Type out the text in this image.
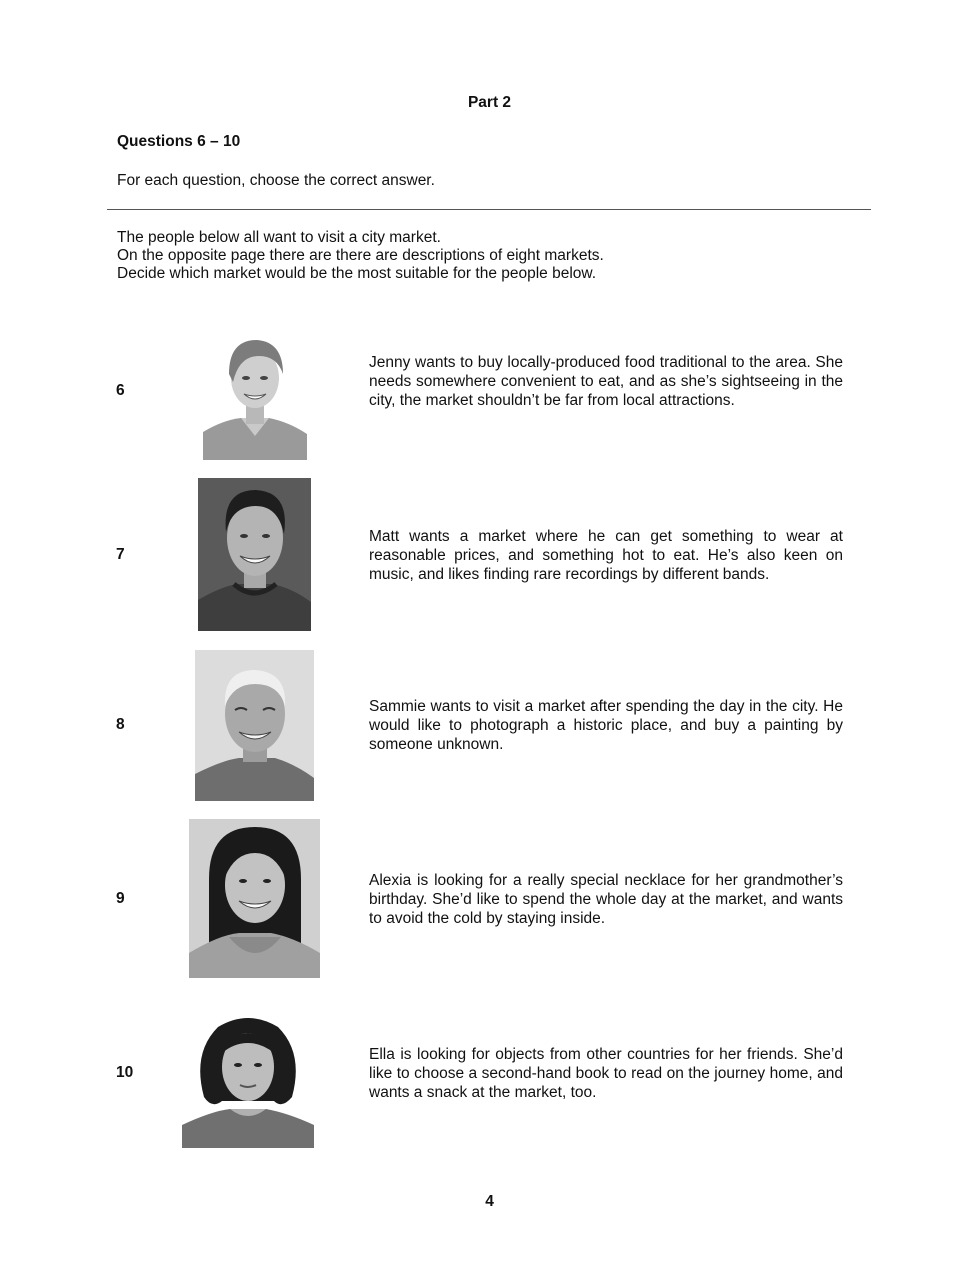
Part 2
Questions 6 – 10
For each question, choose the correct answer.
The people below all want to visit a city market.
On the opposite page there are there are descriptions of eight markets.
Decide which market would be the most suitable for the people below.
6
Jenny wants to buy locally-produced food traditional to the area. She needs somewhere convenient to eat, and as she’s sightseeing in the city, the market shouldn’t be far from local attractions.
7
Matt wants a market where he can get something to wear at reasonable prices, and something hot to eat. He’s also keen on music, and likes finding rare recordings by different bands.
8
Sammie wants to visit a market after spending the day in the city. He would like to photograph a historic place, and buy a painting by someone unknown.
9
Alexia is looking for a really special necklace for her grandmother’s birthday. She’d like to spend the whole day at the market, and wants to avoid the cold by staying inside.
10
Ella is looking for objects from other countries for her friends. She’d like to choose a second-hand book to read on the journey home, and wants a snack at the market, too.
4
